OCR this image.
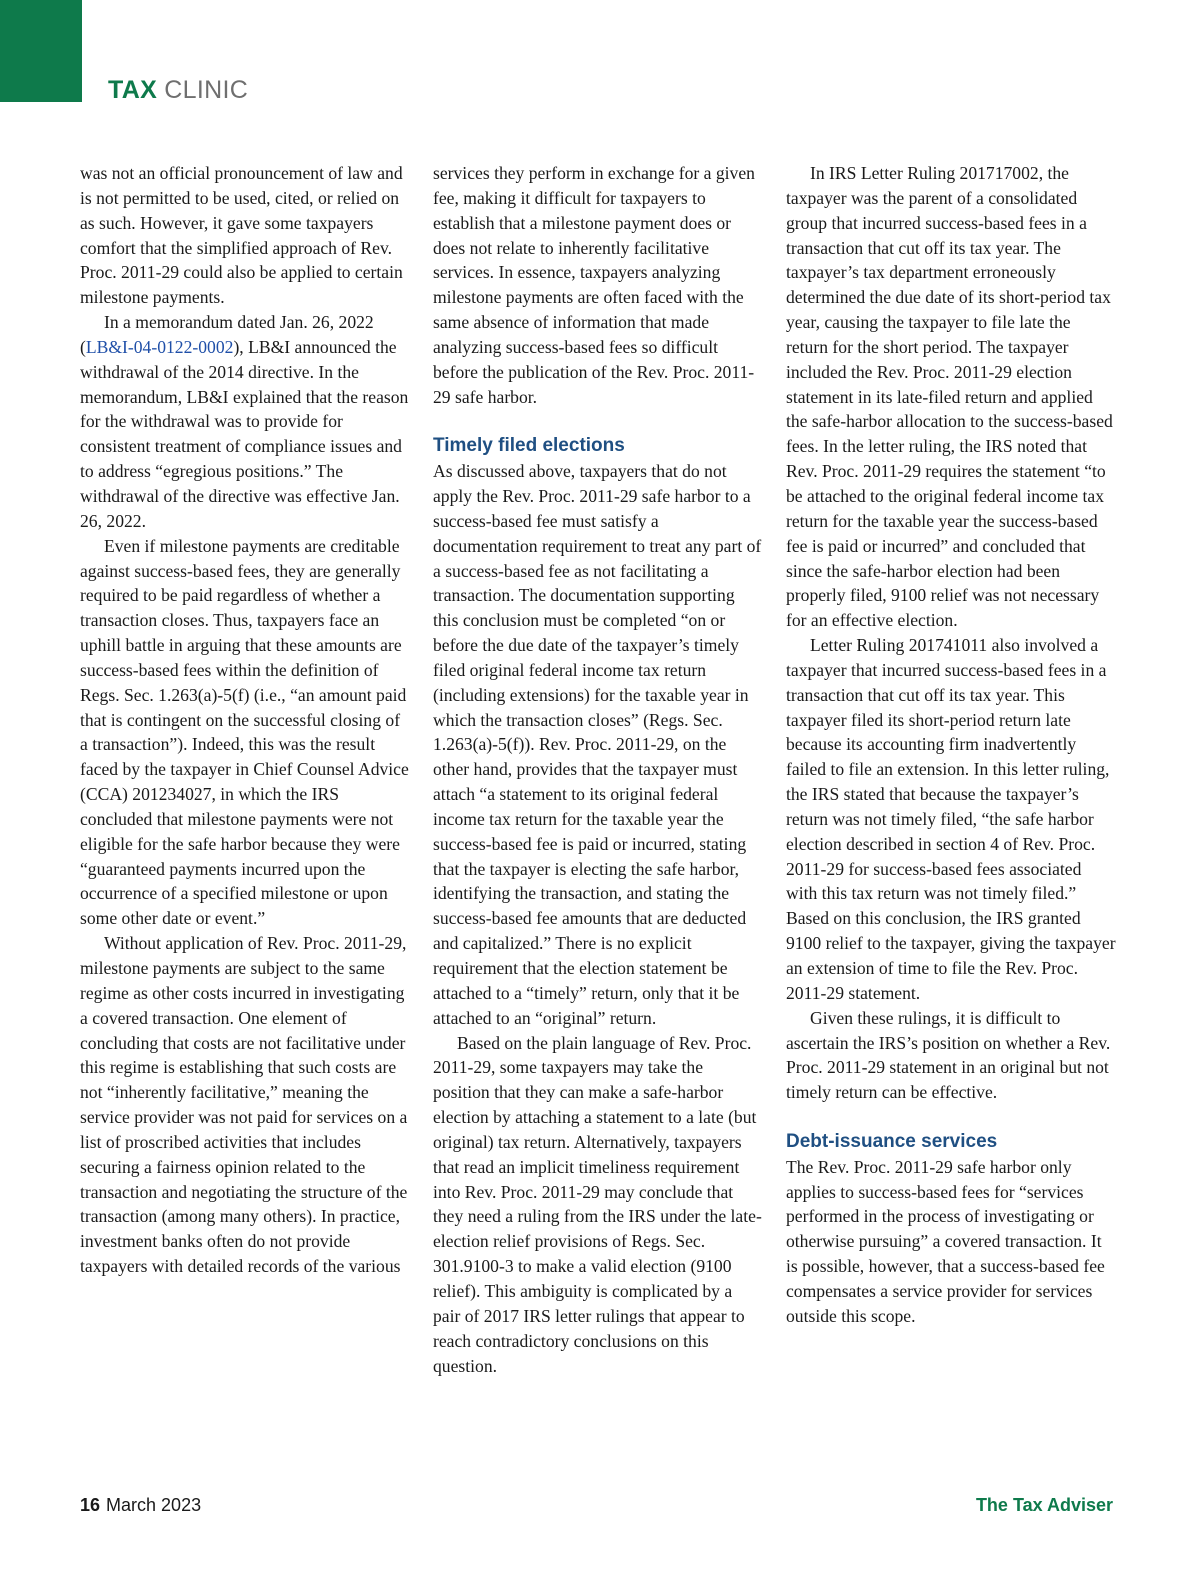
TAX CLINIC

was not an official pronouncement of law and is not permitted to be used, cited, or relied on as such. However, it gave some taxpayers comfort that the simplified approach of Rev. Proc. 2011-29 could also be applied to certain milestone payments.

In a memorandum dated Jan. 26, 2022 (LB&I-04-0122-0002), LB&I announced the withdrawal of the 2014 directive. In the memorandum, LB&I explained that the reason for the withdrawal was to provide for consistent treatment of compliance issues and to address “egregious positions.” The withdrawal of the directive was effective Jan. 26, 2022.

Even if milestone payments are creditable against success-based fees, they are generally required to be paid regardless of whether a transaction closes. Thus, taxpayers face an uphill battle in arguing that these amounts are success-based fees within the definition of Regs. Sec. 1.263(a)-5(f) (i.e., “an amount paid that is contingent on the successful closing of a transaction”). Indeed, this was the result faced by the taxpayer in Chief Counsel Advice (CCA) 201234027, in which the IRS concluded that milestone payments were not eligible for the safe harbor because they were “guaranteed payments incurred upon the occurrence of a specified milestone or upon some other date or event.”

Without application of Rev. Proc. 2011-29, milestone payments are subject to the same regime as other costs incurred in investigating a covered transaction. One element of concluding that costs are not facilitative under this regime is establishing that such costs are not “inherently facilitative,” meaning the service provider was not paid for services on a list of proscribed activities that includes securing a fairness opinion related to the transaction and negotiating the structure of the transaction (among many others). In practice, investment banks often do not provide taxpayers with detailed records of the various

services they perform in exchange for a given fee, making it difficult for taxpayers to establish that a milestone payment does or does not relate to inherently facilitative services. In essence, taxpayers analyzing milestone payments are often faced with the same absence of information that made analyzing success-based fees so difficult before the publication of the Rev. Proc. 2011-29 safe harbor.

Timely filed elections

As discussed above, taxpayers that do not apply the Rev. Proc. 2011-29 safe harbor to a success-based fee must satisfy a documentation requirement to treat any part of a success-based fee as not facilitating a transaction. The documentation supporting this conclusion must be completed “on or before the due date of the taxpayer’s timely filed original federal income tax return (including extensions) for the taxable year in which the transaction closes” (Regs. Sec. 1.263(a)-5(f)). Rev. Proc. 2011-29, on the other hand, provides that the taxpayer must attach “a statement to its original federal income tax return for the taxable year the success-based fee is paid or incurred, stating that the taxpayer is electing the safe harbor, identifying the transaction, and stating the success-based fee amounts that are deducted and capitalized.” There is no explicit requirement that the election statement be attached to a “timely” return, only that it be attached to an “original” return.

Based on the plain language of Rev. Proc. 2011-29, some taxpayers may take the position that they can make a safe-harbor election by attaching a statement to a late (but original) tax return. Alternatively, taxpayers that read an implicit timeliness requirement into Rev. Proc. 2011-29 may conclude that they need a ruling from the IRS under the late-election relief provisions of Regs. Sec. 301.9100-3 to make a valid election (9100 relief). This ambiguity is complicated by a pair of 2017 IRS letter rulings that appear to reach contradictory conclusions on this question.

In IRS Letter Ruling 201717002, the taxpayer was the parent of a consolidated group that incurred success-based fees in a transaction that cut off its tax year. The taxpayer’s tax department erroneously determined the due date of its short-period tax year, causing the taxpayer to file late the return for the short period. The taxpayer included the Rev. Proc. 2011-29 election statement in its late-filed return and applied the safe-harbor allocation to the success-based fees. In the letter ruling, the IRS noted that Rev. Proc. 2011-29 requires the statement “to be attached to the original federal income tax return for the taxable year the success-based fee is paid or incurred” and concluded that since the safe-harbor election had been properly filed, 9100 relief was not necessary for an effective election.

Letter Ruling 201741011 also involved a taxpayer that incurred success-based fees in a transaction that cut off its tax year. This taxpayer filed its short-period return late because its accounting firm inadvertently failed to file an extension. In this letter ruling, the IRS stated that because the taxpayer’s return was not timely filed, “the safe harbor election described in section 4 of Rev. Proc. 2011-29 for success-based fees associated with this tax return was not timely filed.” Based on this conclusion, the IRS granted 9100 relief to the taxpayer, giving the taxpayer an extension of time to file the Rev. Proc. 2011-29 statement.

Given these rulings, it is difficult to ascertain the IRS’s position on whether a Rev. Proc. 2011-29 statement in an original but not timely return can be effective.

Debt-issuance services

The Rev. Proc. 2011-29 safe harbor only applies to success-based fees for “services performed in the process of investigating or otherwise pursuing” a covered transaction. It is possible, however, that a success-based fee compensates a service provider for services outside this scope.

16 March 2023	The Tax Adviser
